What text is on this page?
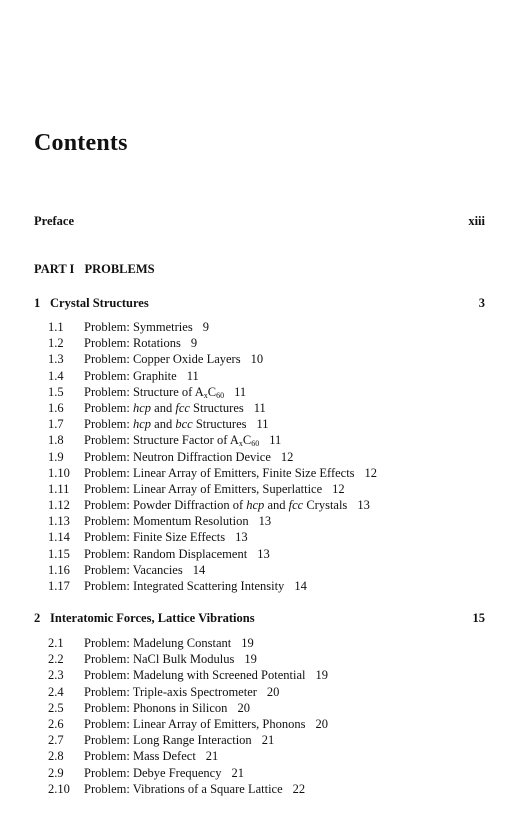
Contents
Preface	xiii
PART I PROBLEMS
1 Crystal Structures	3
1.1 Problem: Symmetries 9
1.2 Problem: Rotations 9
1.3 Problem: Copper Oxide Layers 10
1.4 Problem: Graphite 11
1.5 Problem: Structure of $A_xC_{60}$ 11
1.6 Problem: hcp and fcc Structures 11
1.7 Problem: hcp and bcc Structures 11
1.8 Problem: Structure Factor of $A_xC_{60}$ 11
1.9 Problem: Neutron Diffraction Device 12
1.10 Problem: Linear Array of Emitters, Finite Size Effects 12
1.11 Problem: Linear Array of Emitters, Superlattice 12
1.12 Problem: Powder Diffraction of hcp and fcc Crystals 13
1.13 Problem: Momentum Resolution 13
1.14 Problem: Finite Size Effects 13
1.15 Problem: Random Displacement 13
1.16 Problem: Vacancies 14
1.17 Problem: Integrated Scattering Intensity 14
2 Interatomic Forces, Lattice Vibrations	15
2.1 Problem: Madelung Constant 19
2.2 Problem: NaCl Bulk Modulus 19
2.3 Problem: Madelung with Screened Potential 19
2.4 Problem: Triple-axis Spectrometer 20
2.5 Problem: Phonons in Silicon 20
2.6 Problem: Linear Array of Emitters, Phonons 20
2.7 Problem: Long Range Interaction 21
2.8 Problem: Mass Defect 21
2.9 Problem: Debye Frequency 21
2.10 Problem: Vibrations of a Square Lattice 22
